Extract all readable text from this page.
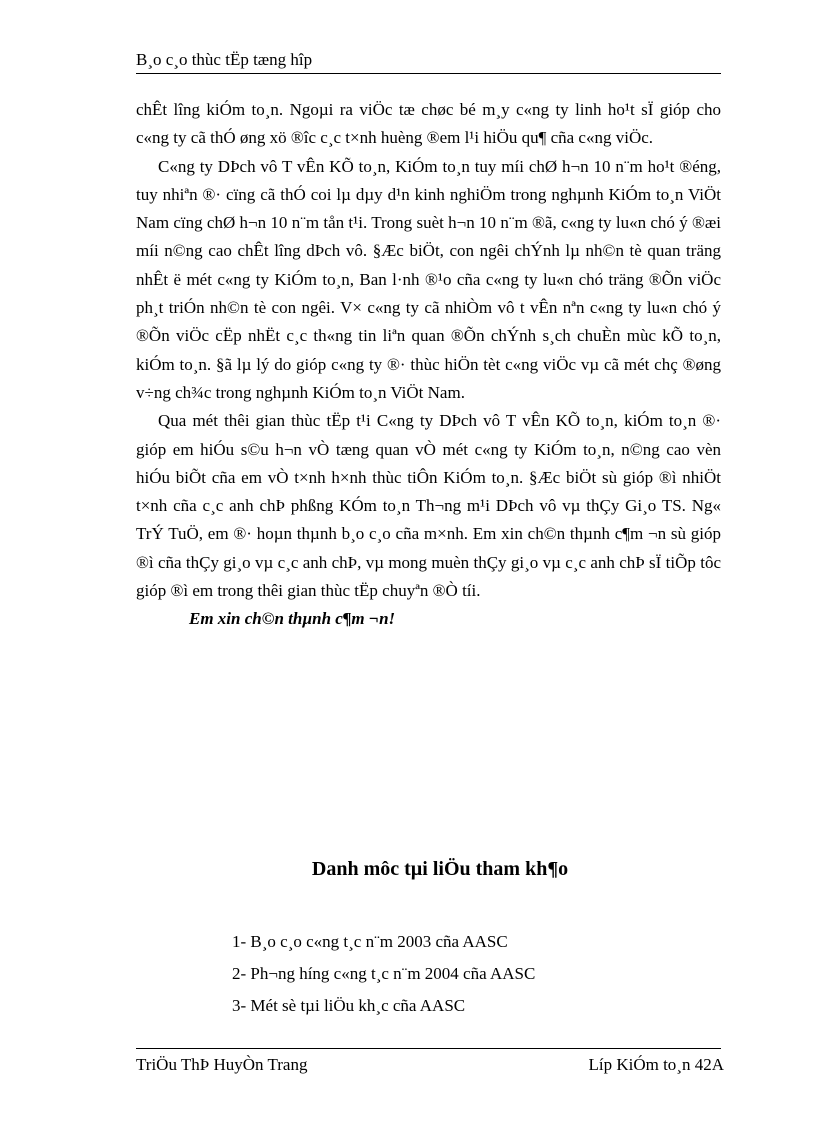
B¸o c¸o thùc tËp tæng hîp

chÊt lîng kiÓm to¸n. Ngoµi ra viÖc tæ chøc bé m¸y c«ng ty linh ho¹t sÏ gióp cho c«ng ty cã thÓ øng xö ®îc c¸c t×nh huèng ®em l¹i hiÖu qu¶ cña c«ng viÖc.

C«ng ty DÞch vô T vÊn KÕ to¸n, KiÓm to¸n tuy míi chØ h¬n 10 n¨m ho¹t ®éng, tuy nhiªn ®· cïng cã thÓ coi lµ dµy d¹n kinh nghiÖm trong nghµnh KiÓm to¸n ViÖt Nam cïng chØ h¬n 10 n¨m tån t¹i. Trong suèt h¬n 10 n¨m ®ã, c«ng ty lu«n chó ý ®æi míi n©ng cao chÊt lîng dÞch vô. §Æc biÖt, con ngêi chÝnh lµ nh©n tè quan träng nhÊt ë mét c«ng ty KiÓm to¸n, Ban l·nh ®¹o cña c«ng ty lu«n chó träng ®Õn viÖc ph¸t triÓn nh©n tè con ngêi. V× c«ng ty cã nhiÒm vô t vÊn nªn c«ng ty lu«n chó ý ®Õn viÖc cËp nhËt c¸c th«ng tin liªn quan ®Õn chÝnh s¸ch chuÈn mùc kÕ to¸n, kiÓm to¸n. §ã lµ lý do gióp c«ng ty ®· thùc hiÖn tèt c«ng viÖc vµ cã mét chç ®øng v÷ng ch¾c trong nghµnh KiÓm to¸n ViÖt Nam.

Qua mét thêi gian thùc tËp t¹i C«ng ty DÞch vô T vÊn KÕ to¸n, kiÓm to¸n ®· gióp em hiÓu s©u h¬n vÒ tæng quan vÒ mét c«ng ty KiÓm to¸n, n©ng cao vèn hiÓu biÕt cña em vÒ t×nh h×nh thùc tiÔn KiÓm to¸n. §Æc biÖt sù gióp ®ì nhiÖt t×nh cña c¸c anh chÞ phßng KÓm to¸n Th¬ng m¹i DÞch vô vµ thÇy Gi¸o TS. Ng« TrÝ TuÖ, em ®· hoµn thµnh b¸o c¸o cña m×nh. Em xin ch©n thµnh c¶m ¬n sù gióp ®ì cña thÇy gi¸o vµ c¸c anh chÞ, vµ mong muèn thÇy gi¸o vµ c¸c anh chÞ sÏ tiÕp tôc gióp ®ì em trong thêi gian thùc tËp chuyªn ®Ò tíi.

Em xin ch©n thµnh c¶m ¬n!

Danh môc tµi liÖu tham kh¶o
1- B¸o c¸o c«ng t¸c n¨m 2003 cña AASC
2- Ph¬ng híng c«ng t¸c n¨m 2004 cña AASC
3- Mét sè tµi liÖu kh¸c cña AASC
TriÖu ThÞ HuyÒn Trang	Líp KiÓm to¸n 42A
